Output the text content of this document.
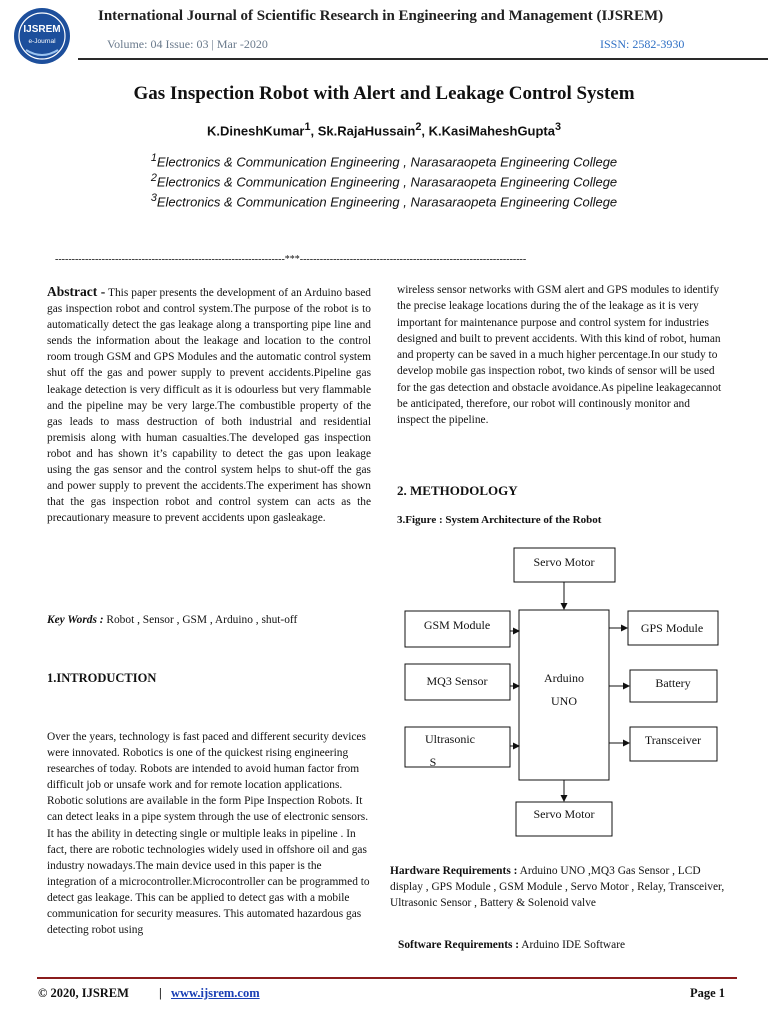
IJSREM
e-Journal
International Journal of Scientific Research in Engineering and Management (IJSREM)
Volume: 04 Issue: 03 | Mar -2020	ISSN: 2582-3930
Gas Inspection Robot with Alert and Leakage Control System
K.DineshKumar$^1$, Sk.RajaHussain$^2$, K.KasiMaheshGupta$^3$
$^1$Electronics & Communication Engineering , Narasaraopeta Engineering College
$^2$Electronics & Communication Engineering , Narasaraopeta Engineering College
$^3$Electronics & Communication Engineering , Narasaraopeta Engineering College
---------------------------------------------------------------------***--------------------------------------------------------------------
Abstract - This paper presents the development of an Arduino based gas inspection robot and control system.The purpose of the robot is to automatically detect the gas leakage along a transporting pipe line and sends the information about the leakage and location to the control room trough GSM and GPS Modules and the automatic control system shut off the gas and power supply to prevent accidents.Pipeline gas leakage detection is very difficult as it is odourless but very flammable and the pipeline may be very large.The combustible property of the gas leads to mass destruction of both industrial and residential premisis along with human casualties.The developed gas inspection robot and has shown it’s capability to detect the gas upon leakage using the gas sensor and the control system helps to shut-off the gas and power supply to prevent the accidents.The experiment has shown that the gas inspection robot and control system can acts as the precautionary measure to prevent accidents upon gasleakage.
Key Words : Robot , Sensor , GSM , Arduino , shut-off
1.INTRODUCTION
Over the years, technology is fast paced and different security devices were innovated. Robotics is one of the quickest rising engineering researches of today. Robots are intended to avoid human factor from difficult job or unsafe work and for remote location applications. Robotic solutions are available in the form Pipe Inspection Robots. It can detect leaks in a pipe system through the use of electronic sensors. It has the ability in detecting single or multiple leaks in pipeline . In fact, there are robotic technologies widely used in offshore oil and gas industry nowadays.The main device used in this paper is the integration of a microcontroller.Microcontroller can be programmed to detect gas leakage. This can be applied to detect gas with a mobile communication for security measures. This automated hazardous gas detecting robot using
wireless sensor networks with GSM alert and GPS modules to identify the precise leakage locations during the of the leakage as it is very important for maintenance purpose and control system for industries designed and built to prevent accidents. With this kind of robot, human and property can be saved in a much higher percentage.In our study to develop mobile gas inspection robot, two kinds of sensor will be used for the gas detection and obstacle avoidance.As pipeline leakagecannot be anticipated, therefore, our robot will continously monitor and inspect the pipeline.
2. METHODOLOGY
3.Figure : System Architecture of the Robot
Arduino
UNO
Servo Motor
GSM Module
MQ3 Sensor
Ultrasonic
S
GPS Module
Battery
Transceiver
Servo Motor
Hardware Requirements : Arduino UNO ,MQ3 Gas Sensor , LCD display , GPS Module , GSM Module , Servo Motor , Relay, Transceiver, Ultrasonic Sensor , Battery & Solenoid valve
Software Requirements : Arduino IDE Software
© 2020, IJSREM | www.ijsrem.com	Page 1
